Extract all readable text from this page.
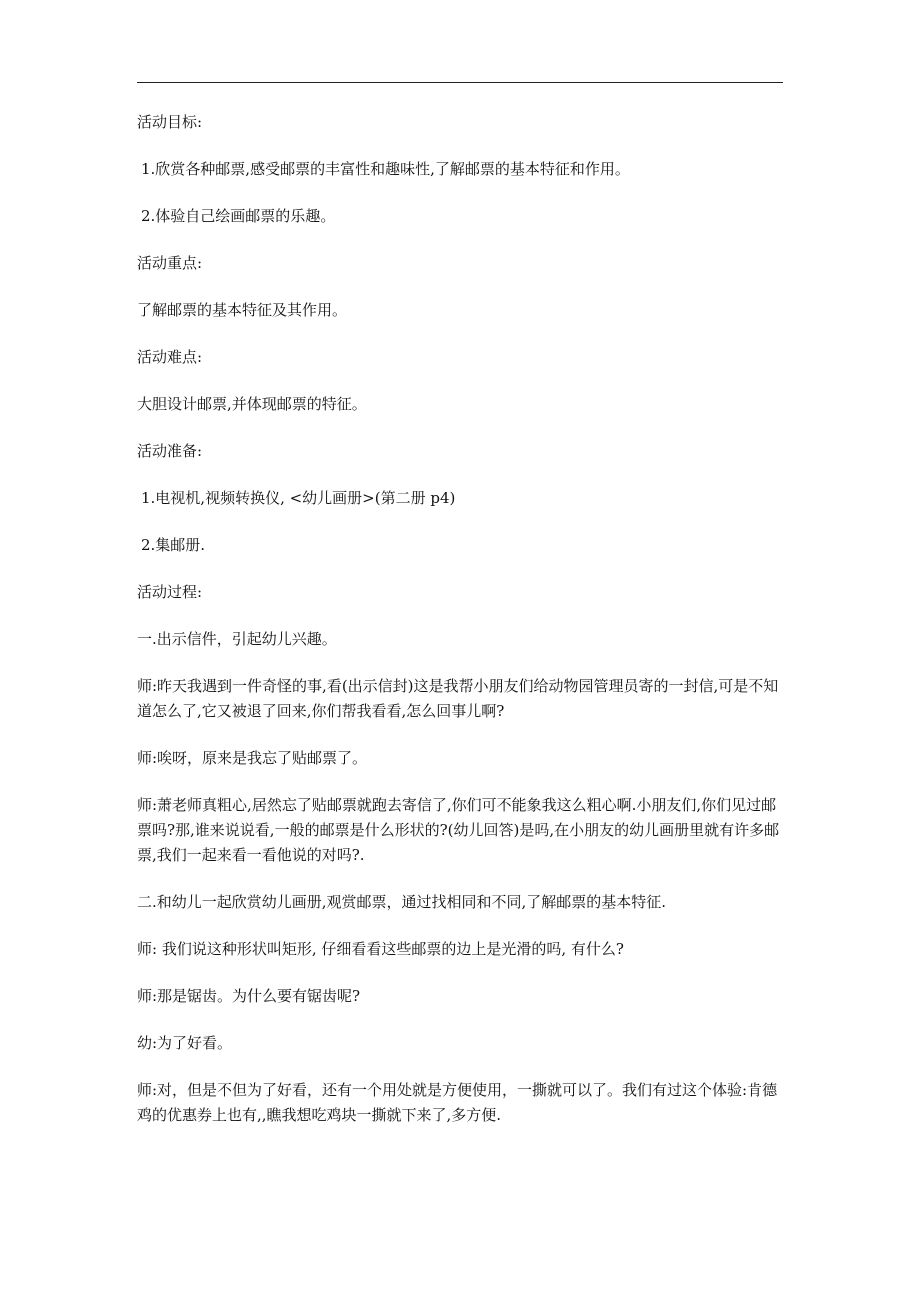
活动目标:

1.欣赏各种邮票,感受邮票的丰富性和趣味性,了解邮票的基本特征和作用。

2.体验自己绘画邮票的乐趣。

活动重点:

了解邮票的基本特征及其作用。

活动难点:

大胆设计邮票,并体现邮票的特征。

活动准备:

1.电视机,视频转换仪, <幼儿画册>(第二册 p4)

2.集邮册.

活动过程:

一.出示信件，引起幼儿兴趣。

师:昨天我遇到一件奇怪的事,看(出示信封)这是我帮小朋友们给动物园管理员寄的一封信,可是不知道怎么了,它又被退了回来,你们帮我看看,怎么回事儿啊?

师:唉呀，原来是我忘了贴邮票了。

师:萧老师真粗心,居然忘了贴邮票就跑去寄信了,你们可不能象我这么粗心啊.小朋友们,你们见过邮票吗?那,谁来说说看,一般的邮票是什么形状的?(幼儿回答)是吗,在小朋友的幼儿画册里就有许多邮票,我们一起来看一看他说的对吗?.

二.和幼儿一起欣赏幼儿画册,观赏邮票，通过找相同和不同,了解邮票的基本特征.

师: 我们说这种形状叫矩形, 仔细看看这些邮票的边上是光滑的吗, 有什么?

师:那是锯齿。为什么要有锯齿呢?

幼:为了好看。

师:对，但是不但为了好看，还有一个用处就是方便使用，一撕就可以了。我们有过这个体验:肯德鸡的优惠券上也有,,瞧我想吃鸡块一撕就下来了,多方便.
